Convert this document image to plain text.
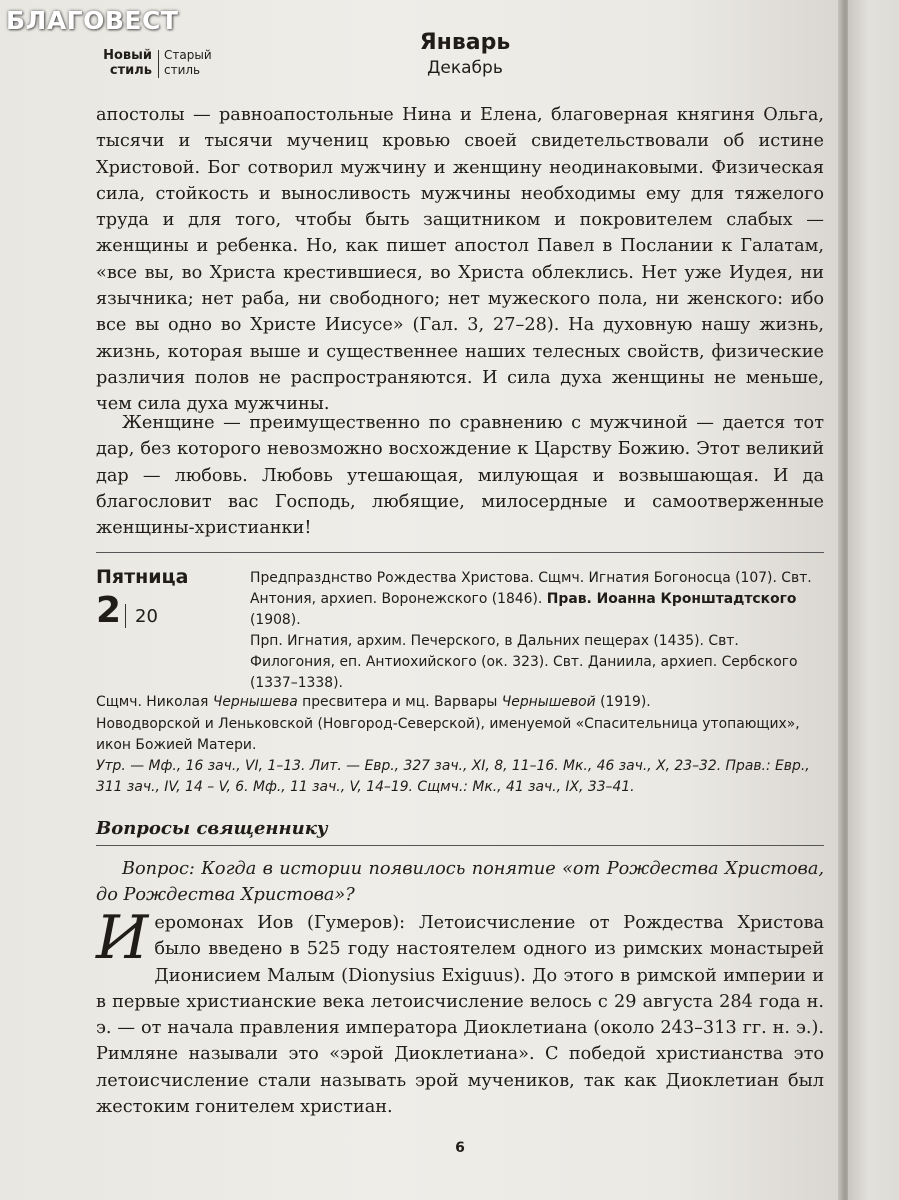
Новый стиль
Старый стиль
Январь
Декабрь

апостолы — равноапостольные Нина и Елена, благоверная княгиня Ольга, тысячи и тысячи мучениц кровью своей свидетельствовали об истине Христовой. Бог сотворил мужчину и женщину неодинаковыми. Физическая сила, стойкость и выносливость мужчины необходимы ему для тяжелого труда и для того, чтобы быть защитником и покровителем слабых — женщины и ребенка. Но, как пишет апостол Павел в Послании к Галатам, «все вы, во Христа крестившиеся, во Христа облеклись. Нет уже Иудея, ни язычника; нет раба, ни свободного; нет мужеского пола, ни женского: ибо все вы одно во Христе Иисусе» (Гал. 3, 27–28). На духовную нашу жизнь, жизнь, которая выше и существеннее наших телесных свойств, физические различия полов не распространяются. И сила духа женщины не меньше, чем сила духа мужчины.

Женщине — преимущественно по сравнению с мужчиной — дается тот дар, без которого невозможно восхождение к Царству Божию. Этот великий дар — любовь. Любовь утешающая, милующая и возвышающая. И да благословит вас Господь, любящие, милосердные и самоотверженные женщины-христианки!

Пятница
2 20

Предпразднство Рождества Христова. Сщмч. Игнатия Богоносца (107). Свт. Антония, архиеп. Воронежского (1846). Прав. Иоанна Кронштадтского (1908).

Прп. Игнатия, архим. Печерского, в Дальних пещерах (1435). Свт. Филогония, еп. Антиохийского (ок. 323). Свт. Даниила, архиеп. Сербского (1337–1338).

Сщмч. Николая Чернышева пресвитера и мц. Варвары Чернышевой (1919).

Новодворской и Леньковской (Новгород-Северской), именуемой «Спасительница утопающих», икон Божией Матери.

Утр. — Мф., 16 зач., VI, 1–13. Лит. — Евр., 327 зач., XI, 8, 11–16. Мк., 46 зач., X, 23–32. Прав.: Евр., 311 зач., IV, 14 – V, 6. Мф., 11 зач., V, 14–19. Сщмч.: Мк., 41 зач., IX, 33–41.

Вопросы священнику

Вопрос: Когда в истории появилось понятие «от Рождества Христова, до Рождества Христова»?

Иеромонах Иов (Гумеров): Летоисчисление от Рождества Христова было введено в 525 году настоятелем одного из римских монастырей Дионисием Малым (Dionysius Exiguus). До этого в римской империи и в первые христианские века летоисчисление велось с 29 августа 284 года н. э. — от начала правления императора Диоклетиана (около 243–313 гг. н. э.). Римляне называли это «эрой Диоклетиана». С победой христианства это летоисчисление стали называть эрой мучеников, так как Диоклетиан был жестоким гонителем христиан.

6
БЛАГОВЕСТ
